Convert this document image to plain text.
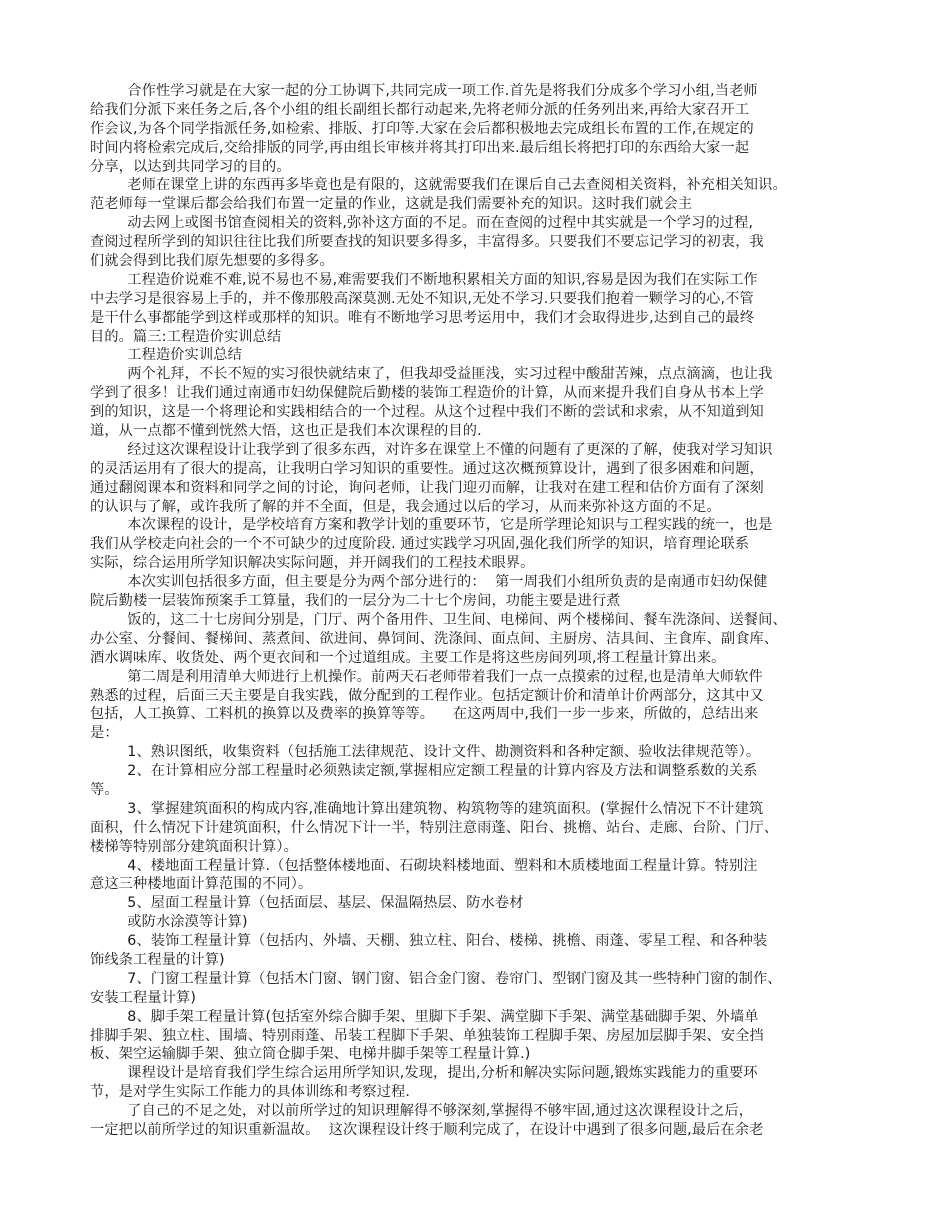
合作性学习就是在大家一起的分工协调下,共同完成一项工作.首先是将我们分成多个学习小组,当老师
给我们分派下来任务之后,各个小组的组长副组长都行动起来,先将老师分派的任务列出来,再给大家召开工
作会议,为各个同学指派任务,如检索、排版、打印等.大家在会后都积极地去完成组长布置的工作,在规定的
时间内将检索完成后,交给排版的同学,再由组长审核并将其打印出来.最后组长将把打印的东西给大家一起
分享，以达到共同学习的目的。
老师在课堂上讲的东西再多毕竟也是有限的，这就需要我们在课后自己去查阅相关资料，补充相关知识。
范老师每一堂课后都会给我们布置一定量的作业，这就是我们需要补充的知识。这时我们就会主
动去网上或图书馆查阅相关的资料,弥补这方面的不足。而在查阅的过程中其实就是一个学习的过程,
查阅过程所学到的知识往往比我们所要查找的知识要多得多，丰富得多。只要我们不要忘记学习的初衷，我
们就会得到比我们原先想要的多得多。
工程造价说难不难,说不易也不易,难需要我们不断地积累相关方面的知识,容易是因为我们在实际工作
中去学习是很容易上手的，并不像那般高深莫测.无处不知识,无处不学习.只要我们抱着一颗学习的心,不管
是干什么事都能学到这样或那样的知识。唯有不断地学习思考运用中，我们才会取得进步,达到自己的最终
目的。篇三:工程造价实训总结
工程造价实训总结
两个礼拜，不长不短的实习很快就结束了，但我却受益匪浅，实习过程中酸甜苦辣，点点滴滴，也让我
学到了很多！让我们通过南通市妇幼保健院后勤楼的装饰工程造价的计算，从而来提升我们自身从书本上学
到的知识，这是一个将理论和实践相结合的一个过程。从这个过程中我们不断的尝试和求索，从不知道到知
道，从一点都不懂到恍然大悟，这也正是我们本次课程的目的.
经过这次课程设计让我学到了很多东西，对许多在课堂上不懂的问题有了更深的了解，使我对学习知识
的灵活运用有了很大的提高，让我明白学习知识的重要性。通过这次概预算设计，遇到了很多困难和问题，
通过翻阅课本和资料和同学之间的讨论，询问老师，让我门迎刃而解，让我对在建工程和估价方面有了深刻
的认识与了解，或许我所了解的并不全面，但是，我会通过以后的学习，从而来弥补这方面的不足。
本次课程的设计，是学校培育方案和教学计划的重要环节，它是所学理论知识与工程实践的统一，也是
我们从学校走向社会的一个不可缺少的过度阶段. 通过实践学习巩固,强化我们所学的知识，培育理论联系
实际，综合运用所学知识解决实际问题，并开阔我们的工程技术眼界。
本次实训包括很多方面，但主要是分为两个部分进行的：  第一周我们小组所负责的是南通市妇幼保健
院后勤楼一层装饰预案手工算量，我们的一层分为二十七个房间，功能主要是进行煮
饭的，这二十七房间分别是，门厅、两个备用件、卫生间、电梯间、两个楼梯间、餐车洗涤间、送餐间、
办公室、分餐间、餐梯间、蒸煮间、欲进间、鼻饲间、洗涤间、面点间、主厨房、洁具间、主食库、副食库、
酒水调味库、收货处、两个更衣间和一个过道组成。主要工作是将这些房间列项,将工程量计算出来。
第二周是利用清单大师进行上机操作。前两天石老师带着我们一点一点摸索的过程,也是清单大师软件
熟悉的过程，后面三天主要是自我实践，做分配到的工程作业。包括定额计价和清单计价两部分，这其中又
包括，人工换算、工料机的换算以及费率的换算等等。    在这两周中,我们一步一步来，所做的，总结出来
是：
1、熟识图纸，收集资料（包括施工法律规范、设计文件、勘测资料和各种定额、验收法律规范等）。
2、在计算相应分部工程量时必须熟读定额,掌握相应定额工程量的计算内容及方法和调整系数的关系
等。
3、掌握建筑面积的构成内容,准确地计算出建筑物、构筑物等的建筑面积。(掌握什么情况下不计建筑
面积，什么情况下计建筑面积，什么情况下计一半，特别注意雨蓬、阳台、挑檐、站台、走廊、台阶、门厅、
楼梯等特别部分建筑面积计算）。
4、楼地面工程量计算.（包括整体楼地面、石砌块料楼地面、塑料和木质楼地面工程量计算。特别注
意这三种楼地面计算范围的不同）。
5、屋面工程量计算（包括面层、基层、保温隔热层、防水卷材
或防水涂漠等计算)
6、装饰工程量计算（包括内、外墙、天棚、独立柱、阳台、楼梯、挑檐、雨蓬、零星工程、和各种装
饰线条工程量的计算)
7、门窗工程量计算（包括木门窗、钢门窗、铝合金门窗、卷帘门、型钢门窗及其一些特种门窗的制作、
安装工程量计算)
8、脚手架工程量计算(包括室外综合脚手架、里脚下手架、满堂脚下手架、满堂基础脚手架、外墙单
排脚手架、独立柱、围墙、特别雨蓬、吊装工程脚下手架、单独装饰工程脚手架、房屋加层脚手架、安全挡
板、架空运输脚手架、独立筒仓脚手架、电梯井脚手架等工程量计算.)
课程设计是培育我们学生综合运用所学知识,发现，提出,分析和解决实际问题,锻炼实践能力的重要环
节，是对学生实际工作能力的具体训练和考察过程.
了自己的不足之处，对以前所学过的知识理解得不够深刻,掌握得不够牢固,通过这次课程设计之后，
一定把以前所学过的知识重新温故。  这次课程设计终于顺利完成了，在设计中遇到了很多问题,最后在余老
